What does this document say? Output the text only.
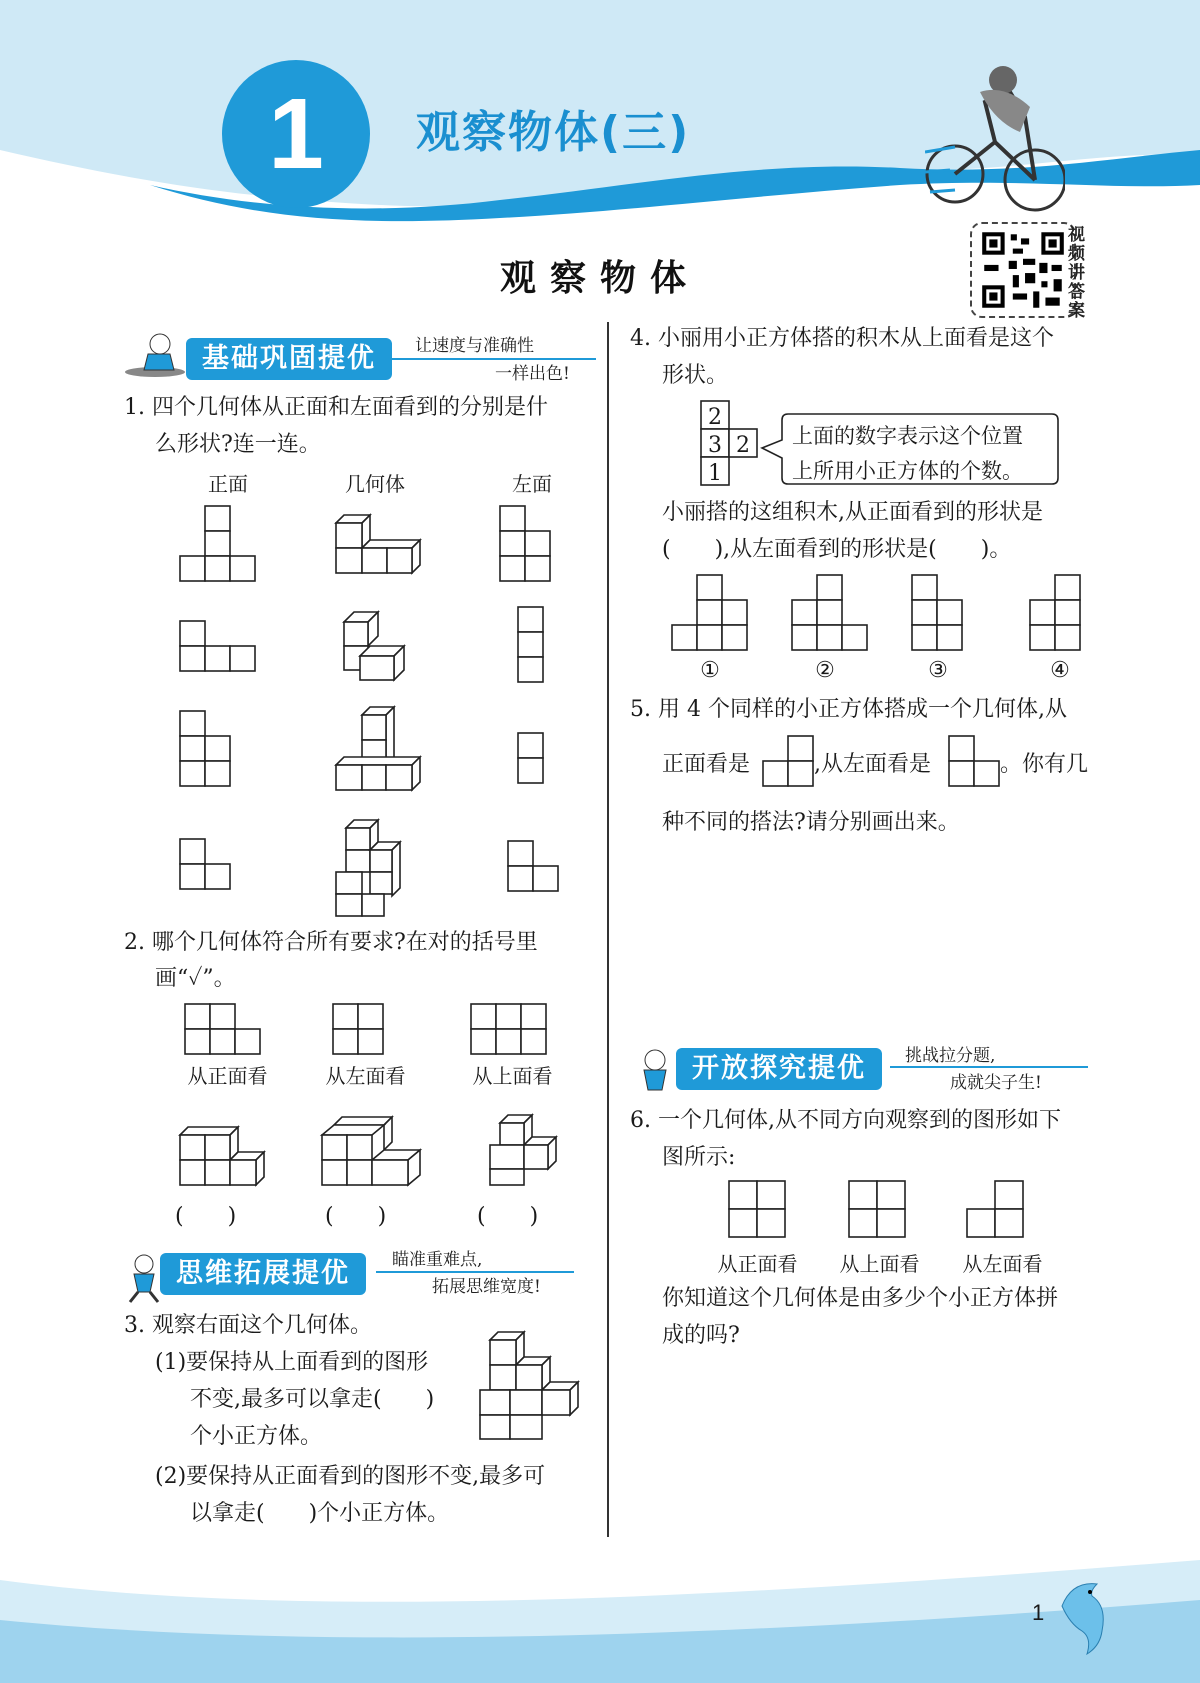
1	观察物体(三)
视频讲答案
观察物体
基础巩固提优	让速度与准确性
一样出色!
1. 四个几何体从正面和左面看到的分别是什
么形状?连一连。
正面	几何体	左面
2. 哪个几何体符合所有要求?在对的括号里
画“✓”。
从正面看	从左面看	从上面看
(　　)	(　　)	(　　)
思维拓展提优	瞄准重难点,
拓展思维宽度!
3. 观察右面这个几何体。
(1)要保持从上面看到的图形
不变,最多可以拿走(　　)
个小正方体。
(2)要保持从正面看到的图形不变,最多可
以拿走(　　)个小正方体。
4. 小丽用小正方体搭的积木从上面看是这个
形状。
2
3 2
1
上面的数字表示这个位置
上所用小正方体的个数。
小丽搭的这组积木,从正面看到的形状是
(　　),从左面看到的形状是(　　)。
①	②	③	④
5. 用 4 个同样的小正方体搭成一个几何体,从
正面看是	,从左面看是	。你有几
种不同的搭法?请分别画出来。
开放探究提优	挑战拉分题,
成就尖子生!
6. 一个几何体,从不同方向观察到的图形如下
图所示:
从正面看	从上面看	从左面看
你知道这个几何体是由多少个小正方体拼
成的吗?
1
